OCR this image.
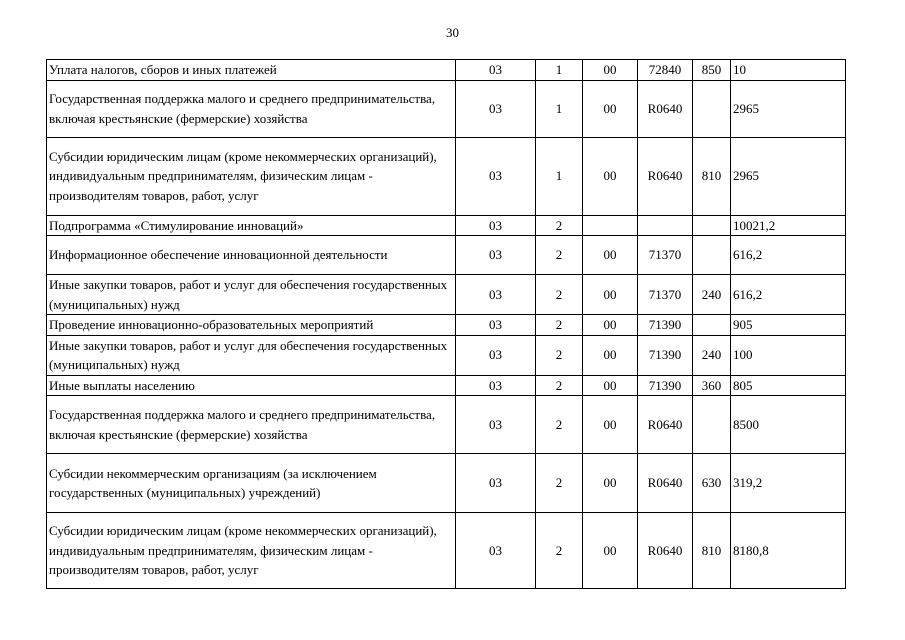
30
Уплата налогов, сборов и иных платежей	03	1	00	72840	850	10
Государственная поддержка малого и среднего предпринимательства, включая крестьянские (фермерские) хозяйства	03	1	00	R0640		2965
Субсидии юридическим лицам (кроме некоммерческих организаций), индивидуальным предпринимателям, физическим лицам - производителям товаров, работ, услуг	03	1	00	R0640	810	2965
Подпрограмма «Стимулирование инноваций»	03	2				10021,2
Информационное обеспечение инновационной деятельности	03	2	00	71370		616,2
Иные закупки товаров, работ и услуг для обеспечения государственных (муниципальных) нужд	03	2	00	71370	240	616,2
Проведение инновационно-образовательных мероприятий	03	2	00	71390		905
Иные закупки товаров, работ и услуг для обеспечения государственных (муниципальных) нужд	03	2	00	71390	240	100
Иные выплаты населению	03	2	00	71390	360	805
Государственная поддержка малого и среднего предпринимательства, включая крестьянские (фермерские) хозяйства	03	2	00	R0640		8500
Субсидии некоммерческим организациям (за исключением государственных (муниципальных) учреждений)	03	2	00	R0640	630	319,2
Субсидии юридическим лицам (кроме некоммерческих организаций), индивидуальным предпринимателям, физическим лицам - производителям товаров, работ, услуг	03	2	00	R0640	810	8180,8
